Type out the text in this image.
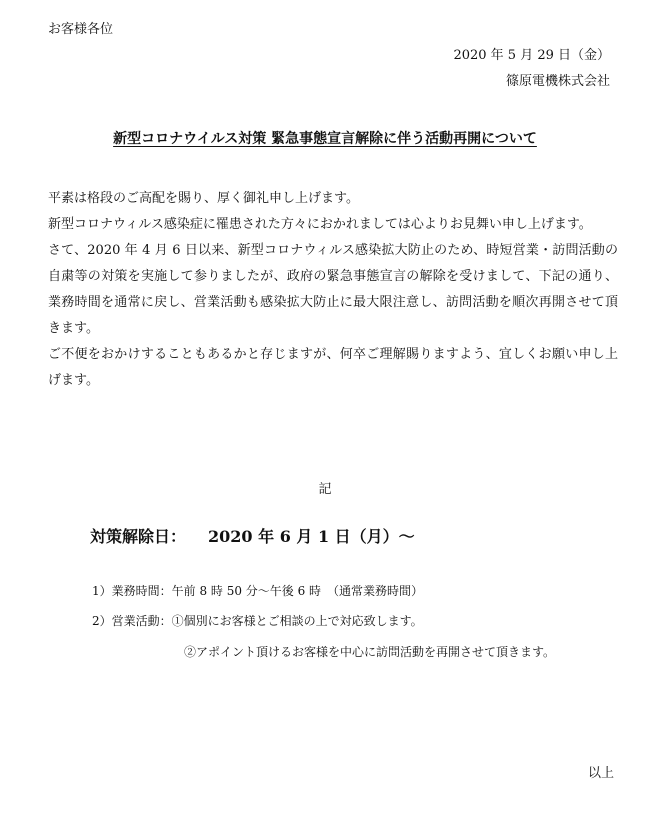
お客様各位
2020 年 5 月 29 日（金）
篠原電機株式会社
新型コロナウイルス対策 緊急事態宣言解除に伴う活動再開について

平素は格段のご高配を賜り、厚く御礼申し上げます。

新型コロナウィルス感染症に罹患された方々におかれましては心よりお見舞い申し上げます。

さて、2020 年 4 月 6 日以来、新型コロナウィルス感染拡大防止のため、時短営業・訪問活動の自粛等の対策を実施して参りましたが、政府の緊急事態宣言の解除を受けまして、下記の通り、業務時間を通常に戻し、営業活動も感染拡大防止に最大限注意し、訪問活動を順次再開させて頂きます。

ご不便をおかけすることもあるかと存じますが、何卒ご理解賜りますよう、宜しくお願い申し上げます。

記
対策解除日： 2020 年 6 月 1 日（月）～
1）業務時間：午前 8 時 50 分～午後 6 時　（通常業務時間）
2）営業活動：①個別にお客様とご相談の上で対応致します。
②アポイント頂けるお客様を中心に訪問活動を再開させて頂きます。
以上
